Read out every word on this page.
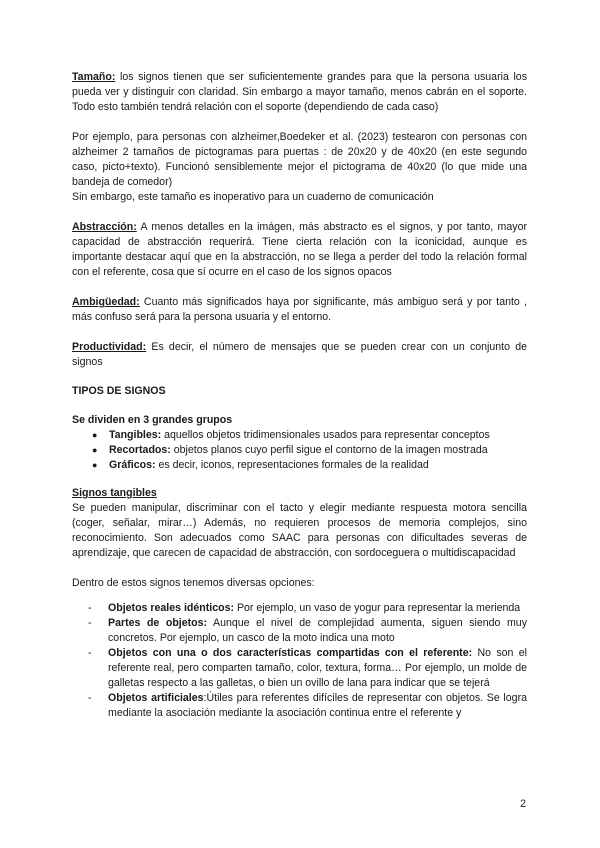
Tamaño: los signos tienen que ser suficientemente grandes para que la persona usuaria los pueda ver y distinguir con claridad. Sin embargo a mayor tamaño, menos cabrán en el soporte. Todo esto también tendrá relación con el soporte (dependiendo de cada caso)

Por ejemplo, para personas con alzheimer,Boedeker et al. (2023) testearon con personas con alzheimer 2 tamaños de pictogramas para puertas : de 20x20 y de 40x20 (en este segundo caso, picto+texto). Funcionó sensiblemente mejor el pictograma de 40x20 (lo que mide una bandeja de comedor)

Sin embargo, este tamaño es inoperativo para un cuaderno de comunicación

Abstracción: A menos detalles en la imágen, más abstracto es el signos, y por tanto, mayor capacidad de abstracción requerirá. Tiene cierta relación con la iconicidad, aunque es importante destacar aquí que en la abstracción, no se llega a perder del todo la relación formal con el referente, cosa que sí ocurre en el caso de los signos opacos

Ambigüedad: Cuanto más significados haya por significante, más ambiguo será y por tanto , más confuso será para la persona usuaria y el entorno.

Productividad: Es decir, el número de mensajes que se pueden crear con un conjunto de signos

TIPOS DE SIGNOS

Se dividen en 3 grandes grupos

● Tangibles: aquellos objetos tridimensionales usados para representar conceptos
● Recortados: objetos planos cuyo perfil sigue el contorno de la imagen mostrada
● Gráficos: es decir, iconos, representaciones formales de la realidad

Signos tangibles

Se pueden manipular, discriminar con el tacto y elegir mediante respuesta motora sencilla (coger, señalar, mirar…) Además, no requieren procesos de memoria complejos, sino reconocimiento. Son adecuados como SAAC para personas con dificultades severas de aprendizaje, que carecen de capacidad de abstracción, con sordoceguera o multidiscapacidad

Dentro de estos signos tenemos diversas opciones:

- Objetos reales idénticos: Por ejemplo, un vaso de yogur para representar la merienda
- Partes de objetos: Aunque el nivel de complejidad aumenta, siguen siendo muy concretos. Por ejemplo, un casco de la moto indica una moto
- Objetos con una o dos características compartidas con el referente: No son el referente real, pero comparten tamaño, color, textura, forma… Por ejemplo, un molde de galletas respecto a las galletas, o bien un ovillo de lana para indicar que se tejerá
- Objetos artificiales:Útiles para referentes difíciles de representar con objetos. Se logra mediante la asociación mediante la asociación continua entre el referente y
2
